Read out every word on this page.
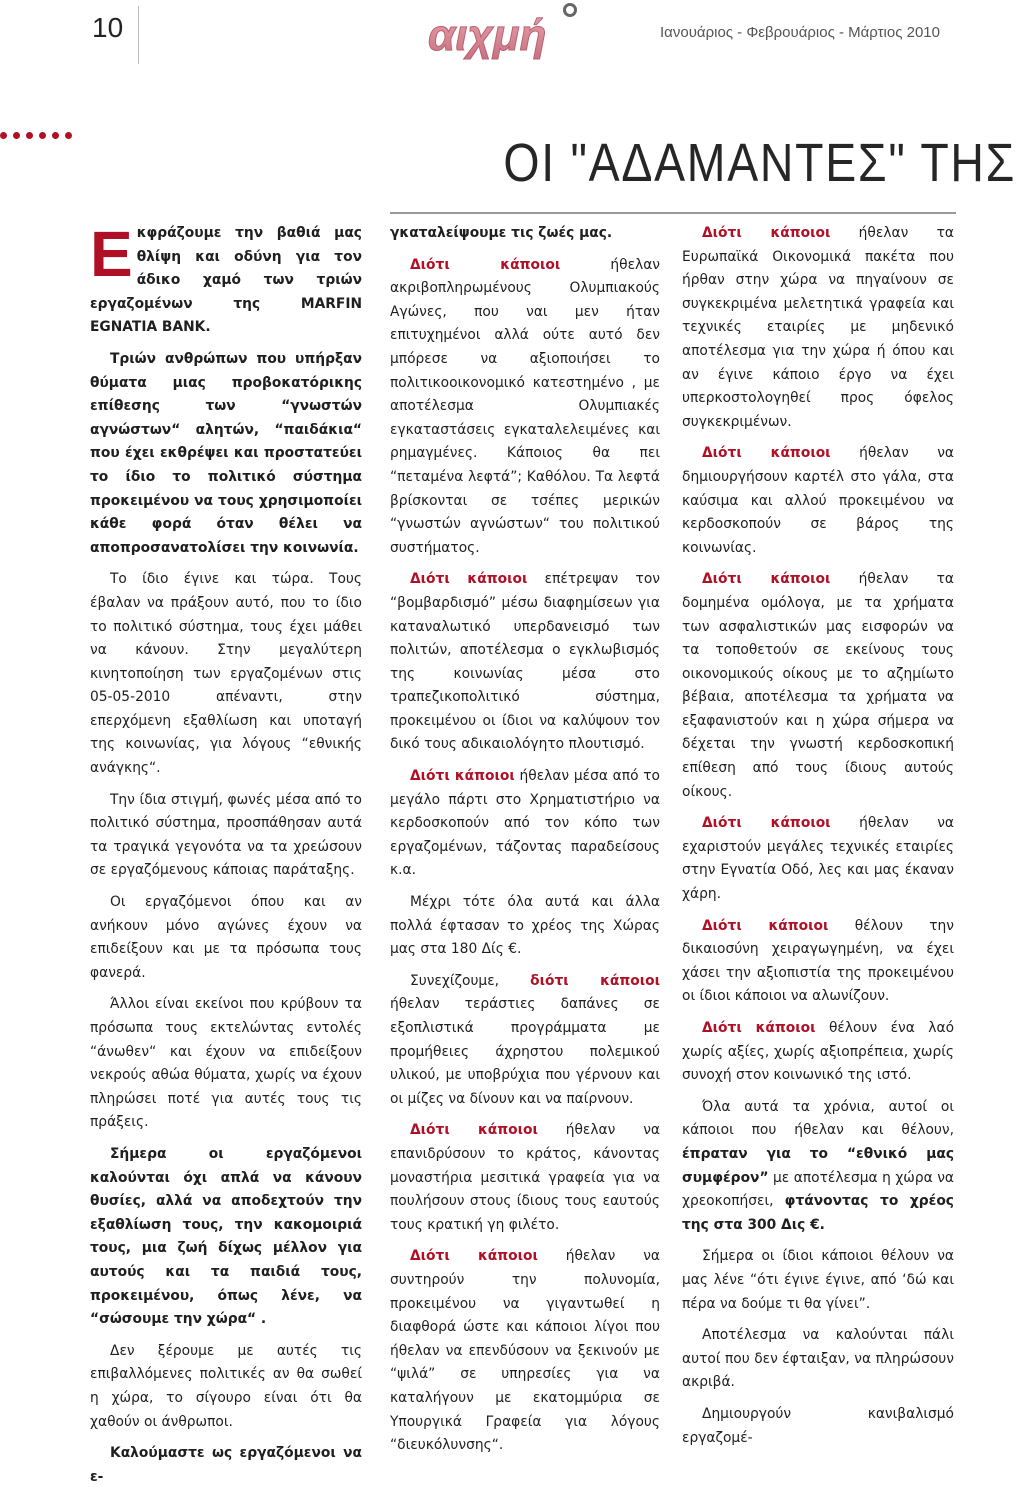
10	αιχμή	Ιανουάριος - Φεβρουάριος - Μάρτιος 2010
ΟΙ "ΑΔΑΜΑΝΤΕΣ" ΤΗΣ

Εκφράζουμε την βαθιά μας θλίψη και οδύνη για τον άδικο χαμό των τριών εργαζομένων της MARFIN EGNATIA BANK.

Τριών ανθρώπων που υπήρξαν θύματα μιας προβοκατόρικης επίθεσης των “γνωστών αγνώστων“ αλητών, “παιδάκια“ που έχει εκθρέψει και προστατεύει το ίδιο το πολιτικό σύστημα προκειμένου να τους χρησιμοποίει κάθε φορά όταν θέλει να αποπροσανατολίσει την κοινωνία.

Το ίδιο έγινε και τώρα. Τους έβαλαν να πράξουν αυτό, που το ίδιο το πολιτικό σύστημα, τους έχει μάθει να κάνουν. Στην μεγαλύτερη κινητοποίηση των εργαζομένων στις 05-05-2010 απέναντι, στην επερχόμενη εξαθλίωση και υποταγή της κοινωνίας, για λόγους “εθνικής ανάγκης“.

Την ίδια στιγμή, φωνές μέσα από το πολιτικό σύστημα, προσπάθησαν αυτά τα τραγικά γεγονότα να τα χρεώσουν σε εργαζόμενους κάποιας παράταξης.

Οι εργαζόμενοι όπου και αν ανήκουν μόνο αγώνες έχουν να επιδείξουν και με τα πρόσωπα τους φανερά.

Άλλοι είναι εκείνοι που κρύβουν τα πρόσωπα τους εκτελώντας εντολές “άνωθεν“ και έχουν να επιδείξουν νεκρούς αθώα θύματα, χωρίς να έχουν πληρώσει ποτέ για αυτές τους τις πράξεις.

Σήμερα οι εργαζόμενοι καλούνται όχι απλά να κάνουν θυσίες, αλλά να αποδεχτούν την εξαθλίωση τους, την κακομοιριά τους, μια ζωή δίχως μέλλον για αυτούς και τα παιδιά τους, προκειμένου, όπως λένε, να “σώσουμε την χώρα“ .

Δεν ξέρουμε με αυτές τις επιβαλλόμενες πολιτικές αν θα σωθεί η χώρα, το σίγουρο είναι ότι θα χαθούν οι άνθρωποι.

Καλούμαστε ως εργαζόμενοι να ε-

γκαταλείψουμε τις ζωές μας.

Διότι κάποιοι ήθελαν ακριβοπληρωμένους Ολυμπιακούς Αγώνες, που ναι μεν ήταν επιτυχημένοι αλλά ούτε αυτό δεν μπόρεσε να αξιοποιήσει το πολιτικοοικονομικό κατεστημένο , με αποτέλεσμα Ολυμπιακές εγκαταστάσεις εγκαταλελειμένες και ρημαγμένες. Κάποιος θα πει “πεταμένα λεφτά”; Καθόλου. Τα λεφτά βρίσκονται σε τσέπες μερικών “γνωστών αγνώστων“ του πολιτικού συστήματος.

Διότι κάποιοι επέτρεψαν τον “βομβαρδισμό” μέσω διαφημίσεων για καταναλωτικό υπερδανεισμό των πολιτών, αποτέλεσμα ο εγκλωβισμός της κοινωνίας μέσα στο τραπεζικοπολιτικό σύστημα, προκειμένου οι ίδιοι να καλύψουν τον δικό τους αδικαιολόγητο πλουτισμό.

Διότι κάποιοι ήθελαν μέσα από το μεγάλο πάρτι στο Χρηματιστήριο να κερδοσκοπούν από τον κόπο των εργαζομένων, τάζοντας παραδείσους κ.α.

Μέχρι τότε όλα αυτά και άλλα πολλά έφτασαν το χρέος της Χώρας μας στα 180 Δίς €.

Συνεχίζουμε, διότι κάποιοι ήθελαν τεράστιες δαπάνες σε εξοπλιστικά προγράμματα με προμήθειες άχρηστου πολεμικού υλικού, με υποβρύχια που γέρνουν και οι μίζες να δίνουν και να παίρνουν.

Διότι κάποιοι ήθελαν να επανιδρύσουν το κράτος, κάνοντας μοναστήρια μεσιτικά γραφεία για να πουλήσουν στους ίδιους τους εαυτούς τους κρατική γη φιλέτο.

Διότι κάποιοι ήθελαν να συντηρούν την πολυνομία, προκειμένου να γιγαντωθεί η διαφθορά ώστε και κάποιοι λίγοι που ήθελαν να επενδύσουν να ξεκινούν με “ψιλά” σε υπηρεσίες για να καταλήγουν με εκατομμύρια σε Υπουργικά Γραφεία για λόγους “διευκόλυνσης“.

Διότι κάποιοι ήθελαν τα Ευρωπαϊκά Οικονομικά πακέτα που ήρθαν στην χώρα να πηγαίνουν σε συγκεκριμένα μελετητικά γραφεία και τεχνικές εταιρίες με μηδενικό αποτέλεσμα για την χώρα ή όπου και αν έγινε κάποιο έργο να έχει υπερκοστολογηθεί προς όφελος συγκεκριμένων.

Διότι κάποιοι ήθελαν να δημιουργήσουν καρτέλ στο γάλα, στα καύσιμα και αλλού προκειμένου να κερδοσκοπούν σε βάρος της κοινωνίας.

Διότι κάποιοι ήθελαν τα δομημένα ομόλογα, με τα χρήματα των ασφαλιστικών μας εισφορών να τα τοποθετούν σε εκείνους τους οικονομικούς οίκους με το αζημίωτο βέβαια, αποτέλεσμα τα χρήματα να εξαφανιστούν και η χώρα σήμερα να δέχεται την γνωστή κερδοσκοπική επίθεση από τους ίδιους αυτούς οίκους.

Διότι κάποιοι ήθελαν να εχαριστούν μεγάλες τεχνικές εταιρίες στην Εγνατία Οδό, λες και μας έκαναν χάρη.

Διότι κάποιοι θέλουν την δικαιοσύνη χειραγωγημένη, να έχει χάσει την αξιοπιστία της προκειμένου οι ίδιοι κάποιοι να αλωνίζουν.

Διότι κάποιοι θέλουν ένα λαό χωρίς αξίες, χωρίς αξιοπρέπεια, χωρίς συνοχή στον κοινωνικό της ιστό.

Όλα αυτά τα χρόνια, αυτοί οι κάποιοι που ήθελαν και θέλουν, έπραταν για το “εθνικό μας συμφέρον” με αποτέλεσμα η χώρα να χρεοκοπήσει, φτάνοντας το χρέος της στα 300 Δις €.

Σήμερα οι ίδιοι κάποιοι θέλουν να μας λένε “ότι έγινε έγινε, από ‘δώ και πέρα να δούμε τι θα γίνει”.

Αποτέλεσμα να καλούνται πάλι αυτοί που δεν έφταιξαν, να πληρώσουν ακριβά.

Δημιουργούν κανιβαλισμό εργαζομέ-
